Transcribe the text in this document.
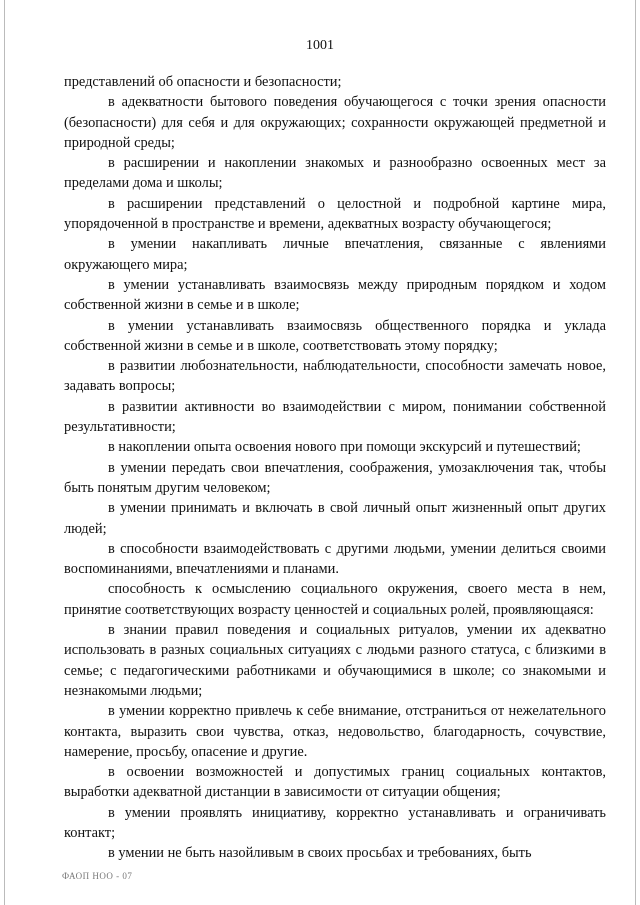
1001

представлений об опасности и безопасности;

в адекватности бытового поведения обучающегося с точки зрения опасности (безопасности) для себя и для окружающих; сохранности окружающей предметной и природной среды;

в расширении и накоплении знакомых и разнообразно освоенных мест за пределами дома и школы;

в расширении представлений о целостной и подробной картине мира, упорядоченной в пространстве и времени, адекватных возрасту обучающегося;

в умении накапливать личные впечатления, связанные с явлениями окружающего мира;

в умении устанавливать взаимосвязь между природным порядком и ходом собственной жизни в семье и в школе;

в умении устанавливать взаимосвязь общественного порядка и уклада собственной жизни в семье и в школе, соответствовать этому порядку;

в развитии любознательности, наблюдательности, способности замечать новое, задавать вопросы;

в развитии активности во взаимодействии с миром, понимании собственной результативности;

в накоплении опыта освоения нового при помощи экскурсий и путешествий;

в умении передать свои впечатления, соображения, умозаключения так, чтобы быть понятым другим человеком;

в умении принимать и включать в свой личный опыт жизненный опыт других людей;

в способности взаимодействовать с другими людьми, умении делиться своими воспоминаниями, впечатлениями и планами.

способность к осмыслению социального окружения, своего места в нем, принятие соответствующих возрасту ценностей и социальных ролей, проявляющаяся:

в знании правил поведения и социальных ритуалов, умении их адекватно использовать в разных социальных ситуациях с людьми разного статуса, с близкими в семье; с педагогическими работниками и обучающимися в школе; со знакомыми и незнакомыми людьми;

в умении корректно привлечь к себе внимание, отстраниться от нежелательного контакта, выразить свои чувства, отказ, недовольство, благодарность, сочувствие, намерение, просьбу, опасение и другие.

в освоении возможностей и допустимых границ социальных контактов, выработки адекватной дистанции в зависимости от ситуации общения;

в умении проявлять инициативу, корректно устанавливать и ограничивать контакт;

в умении не быть назойливым в своих просьбах и требованиях, быть

ФАОП НОО - 07
